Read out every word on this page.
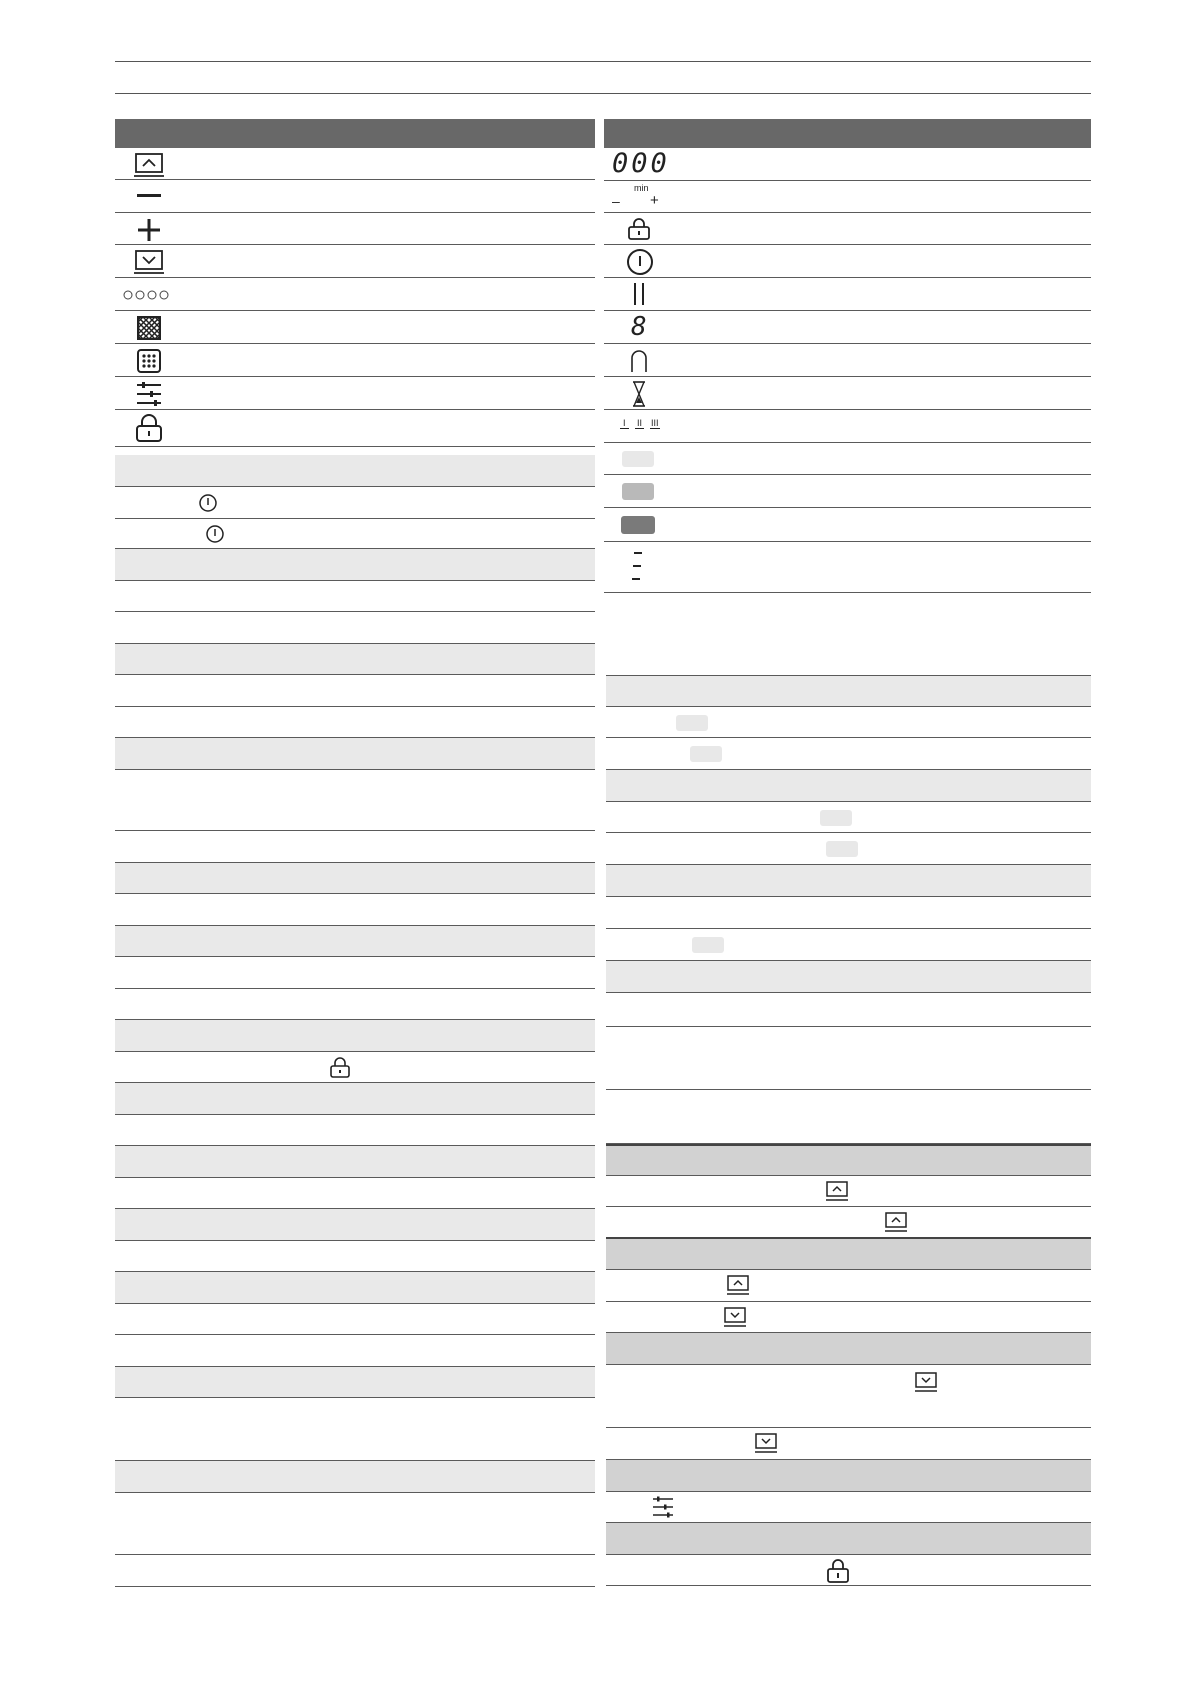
000
min
– +
8
I	II III
